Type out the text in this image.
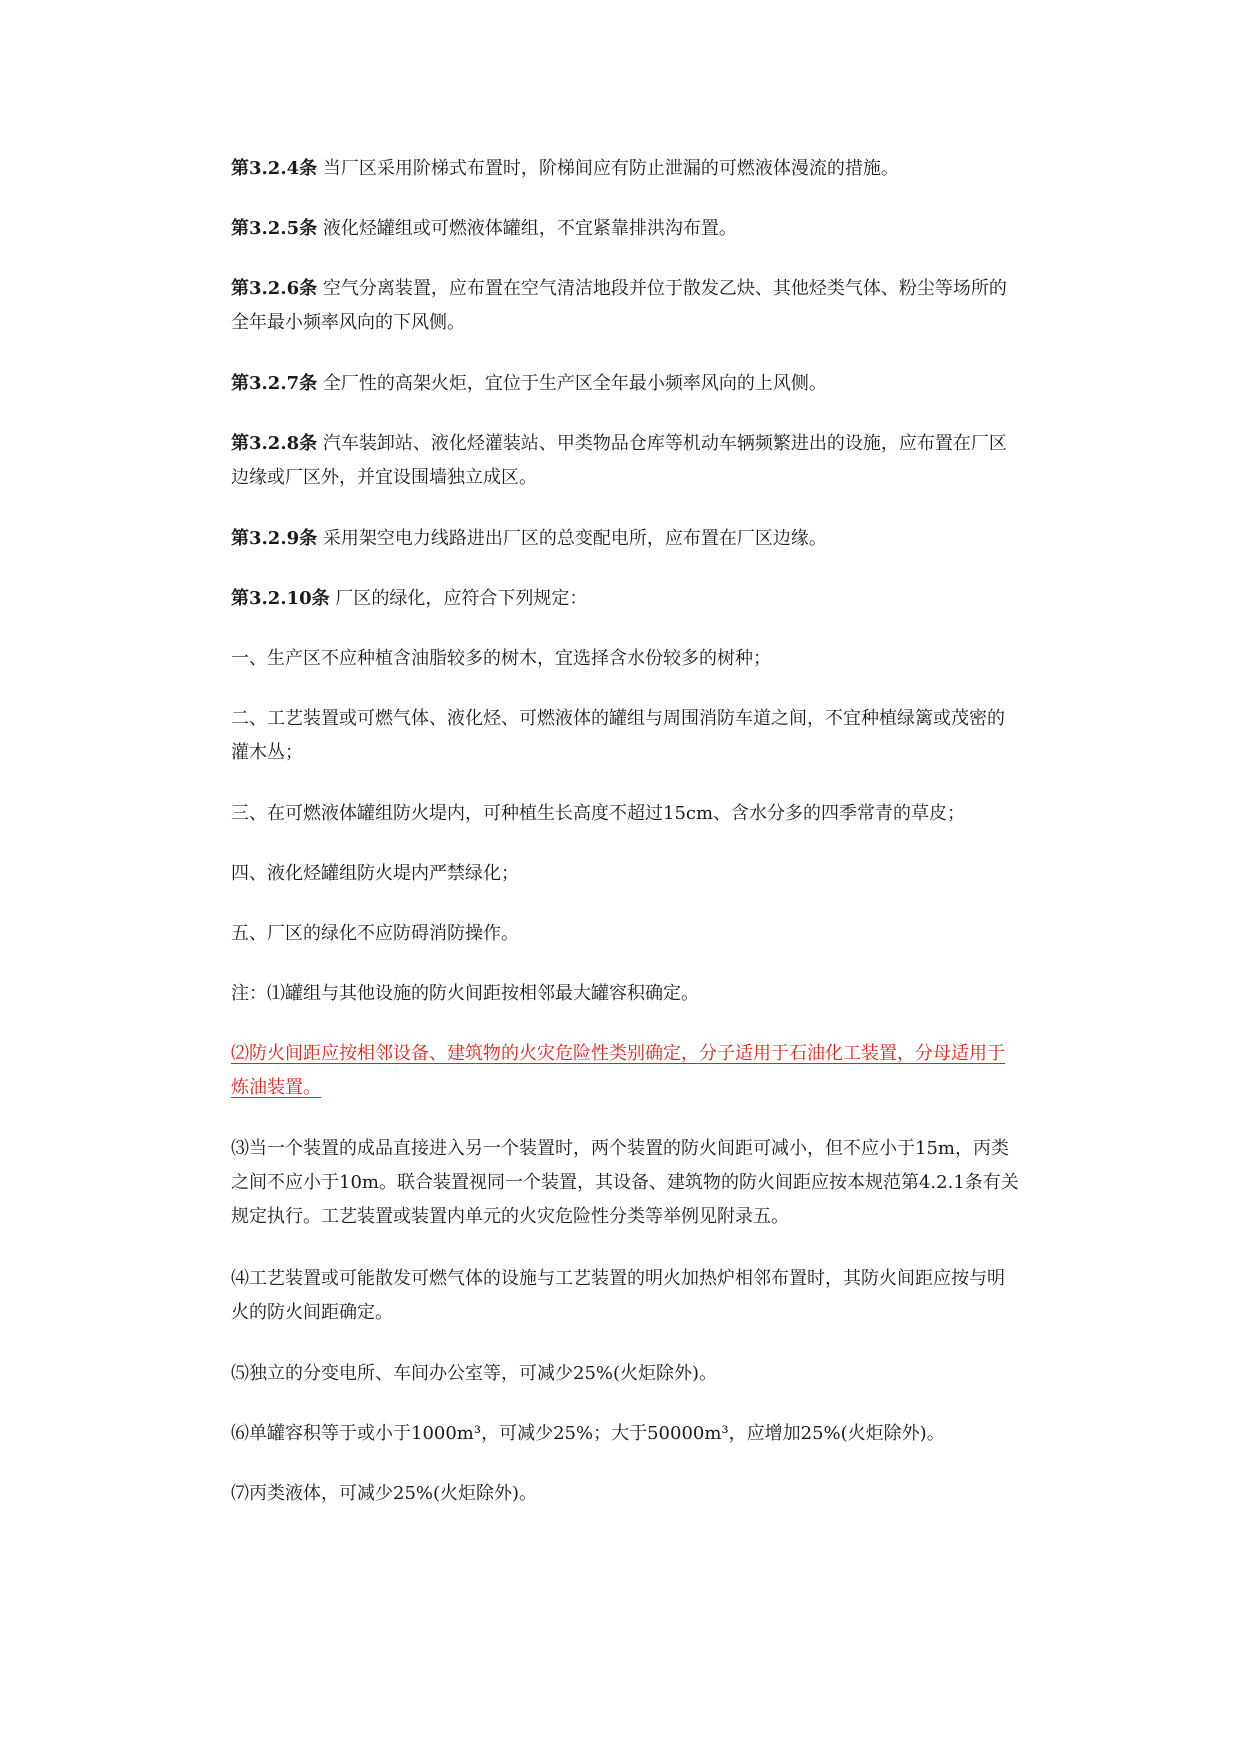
第3.2.4条 当厂区采用阶梯式布置时，阶梯间应有防止泄漏的可燃液体漫流的措施。

第3.2.5条 液化烃罐组或可燃液体罐组，不宜紧靠排洪沟布置。

第3.2.6条 空气分离装置，应布置在空气清洁地段并位于散发乙炔、其他烃类气体、粉尘等场所的全年最小频率风向的下风侧。

第3.2.7条 全厂性的高架火炬，宜位于生产区全年最小频率风向的上风侧。

第3.2.8条 汽车装卸站、液化烃灌装站、甲类物品仓库等机动车辆频繁进出的设施，应布置在厂区边缘或厂区外，并宜设围墙独立成区。

第3.2.9条 采用架空电力线路进出厂区的总变配电所，应布置在厂区边缘。

第3.2.10条 厂区的绿化，应符合下列规定：

一、生产区不应种植含油脂较多的树木，宜选择含水份较多的树种；

二、工艺装置或可燃气体、液化烃、可燃液体的罐组与周围消防车道之间，不宜种植绿篱或茂密的灌木丛；

三、在可燃液体罐组防火堤内，可种植生长高度不超过15cm、含水分多的四季常青的草皮；

四、液化烃罐组防火堤内严禁绿化；

五、厂区的绿化不应防碍消防操作。

注：⑴罐组与其他设施的防火间距按相邻最大罐容积确定。

⑵防火间距应按相邻设备、建筑物的火灾危险性类别确定，分子适用于石油化工装置，分母适用于炼油装置。

⑶当一个装置的成品直接进入另一个装置时，两个装置的防火间距可减小，但不应小于15m，丙类之间不应小于10m。联合装置视同一个装置，其设备、建筑物的防火间距应按本规范第4.2.1条有关规定执行。工艺装置或装置内单元的火灾危险性分类等举例见附录五。

⑷工艺装置或可能散发可燃气体的设施与工艺装置的明火加热炉相邻布置时，其防火间距应按与明火的防火间距确定。

⑸独立的分变电所、车间办公室等，可减少25%(火炬除外)。

⑹单罐容积等于或小于1000m³，可减少25%；大于50000m³，应增加25%(火炬除外)。

⑺丙类液体，可减少25%(火炬除外)。
